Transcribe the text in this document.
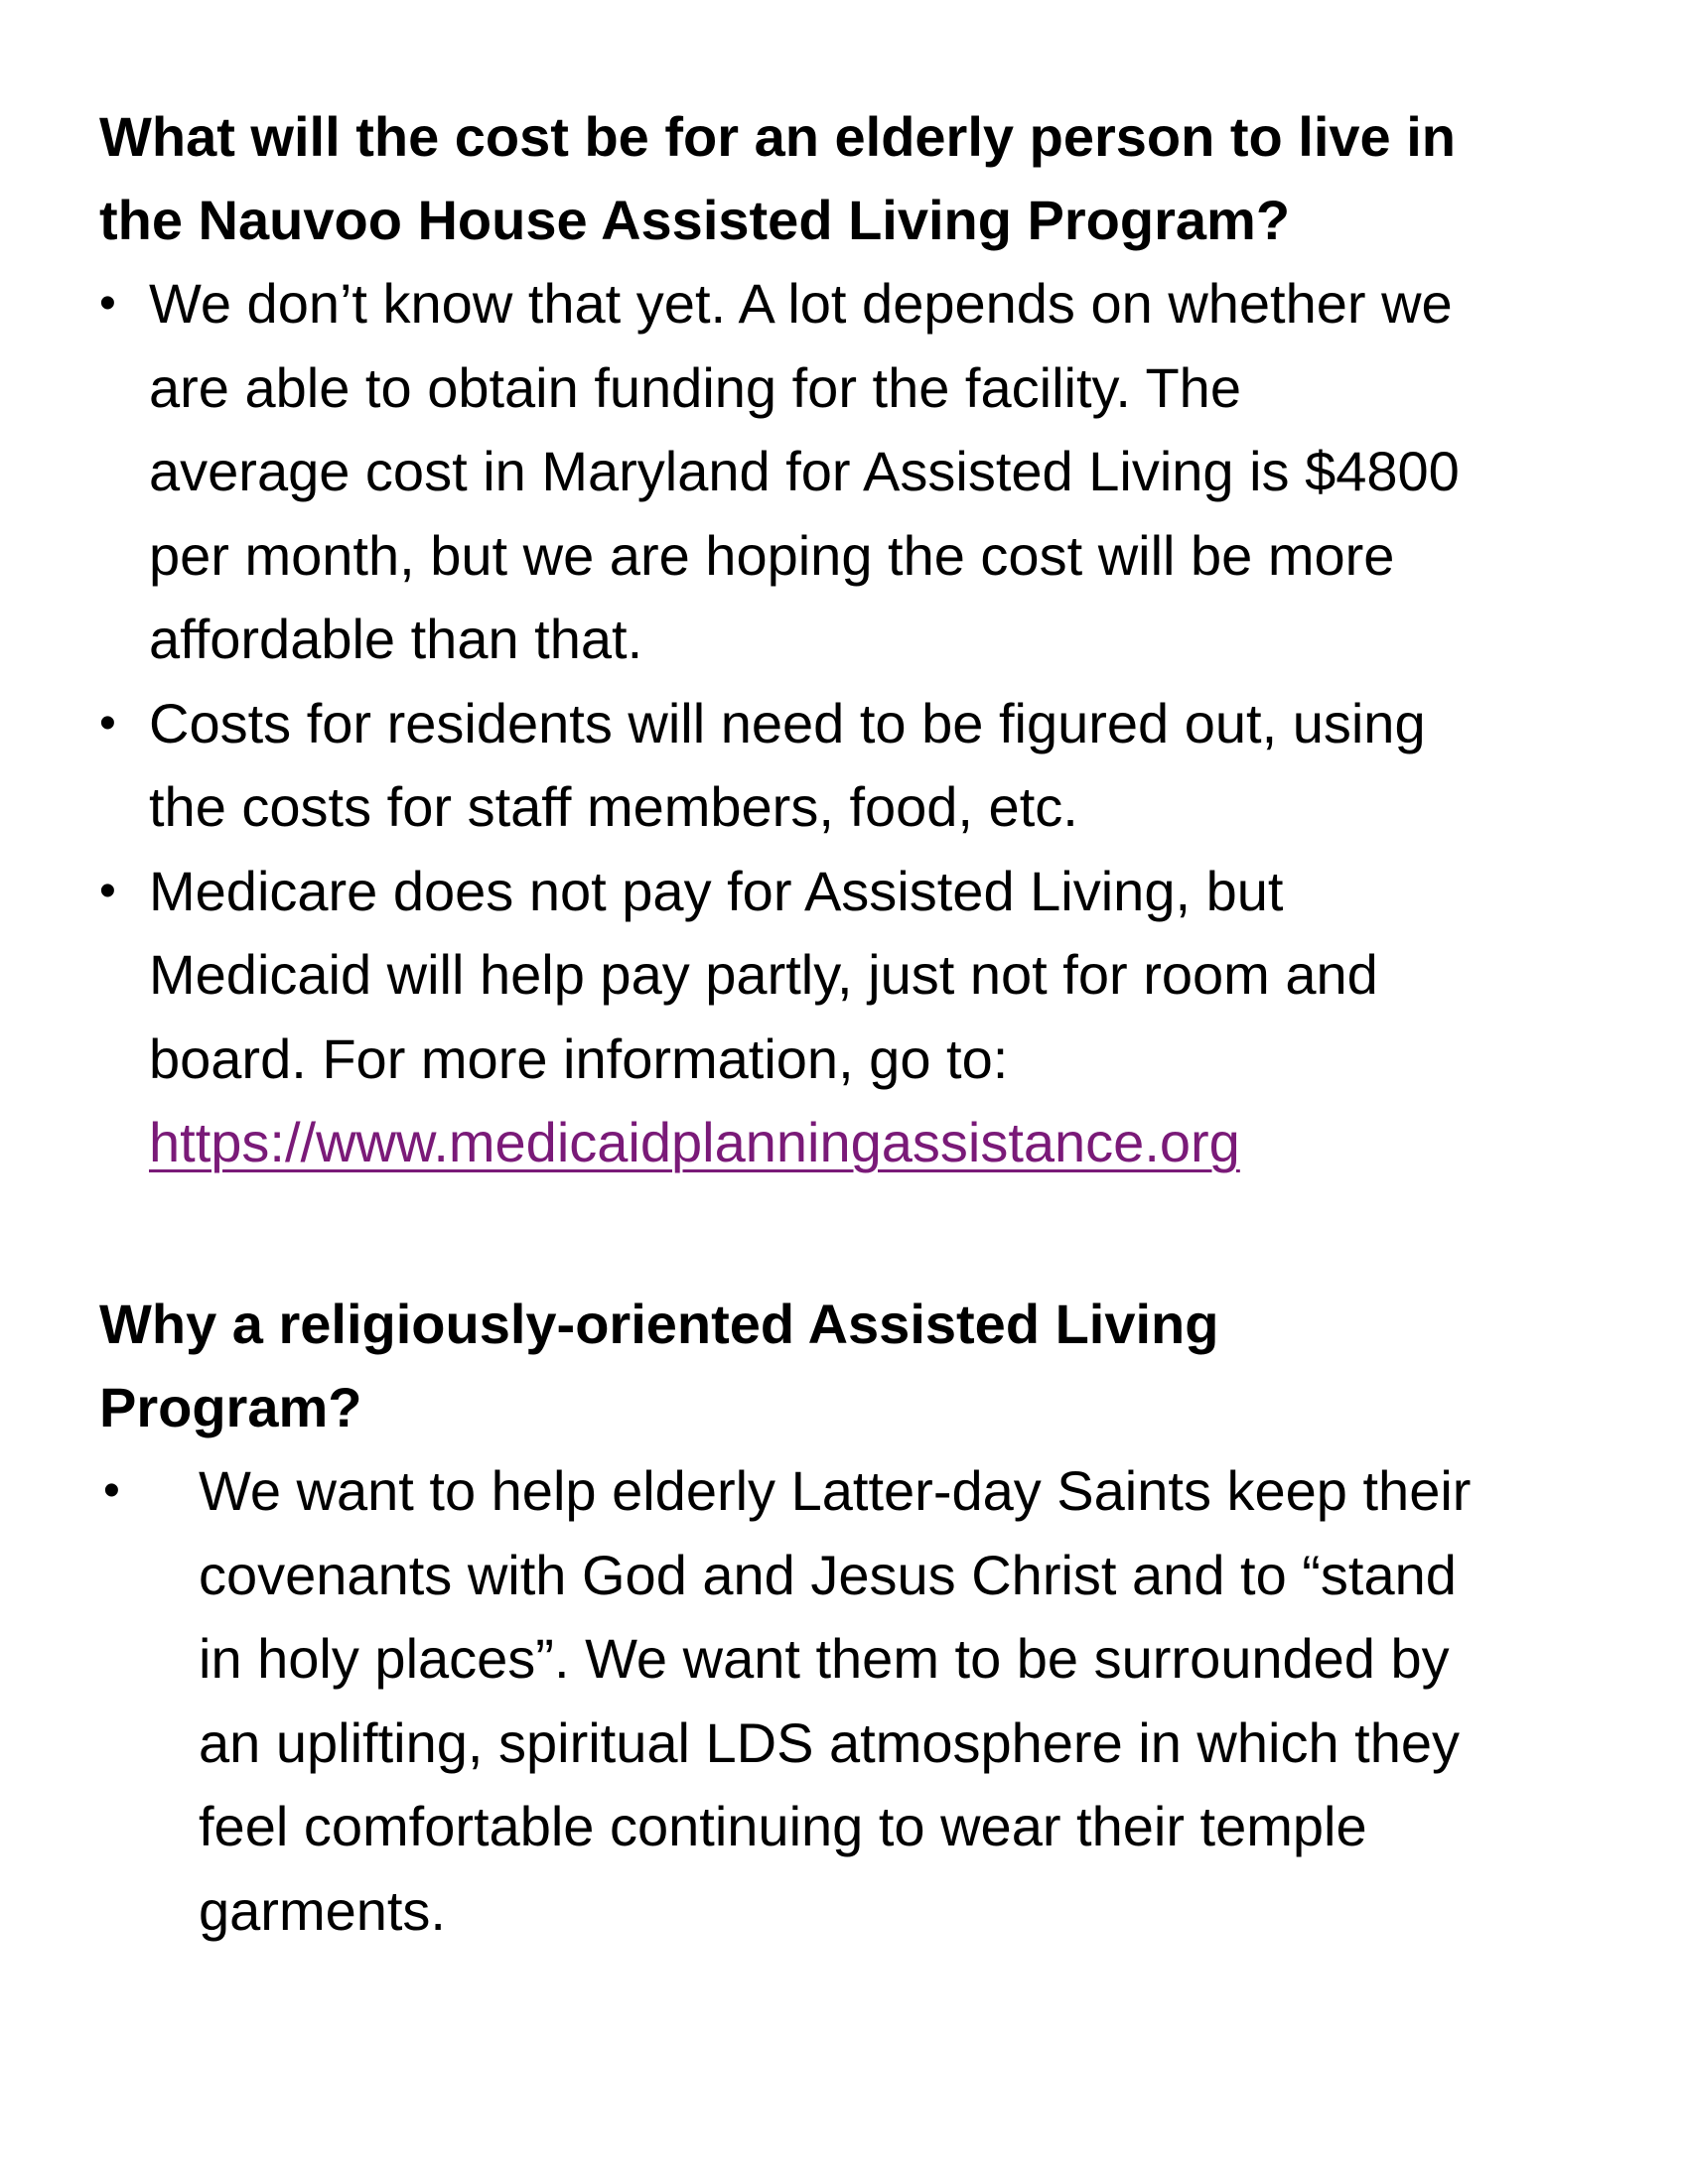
What will the cost be for an elderly person to live in
the Nauvoo House Assisted Living Program?
• We don’t know that yet. A lot depends on whether we
are able to obtain funding for the facility. The
average cost in Maryland for Assisted Living is $4800
per month, but we are hoping the cost will be more
affordable than that.
• Costs for residents will need to be figured out, using
the costs for staff members, food, etc.
• Medicare does not pay for Assisted Living, but
Medicaid will help pay partly, just not for room and
board. For more information, go to:
https://www.medicaidplanningassistance.org
Why a religiously-oriented Assisted Living
Program?
•	We want to help elderly Latter-day Saints keep their
covenants with God and Jesus Christ and to “stand
in holy places”. We want them to be surrounded by
an uplifting, spiritual LDS atmosphere in which they
feel comfortable continuing to wear their temple
garments.
